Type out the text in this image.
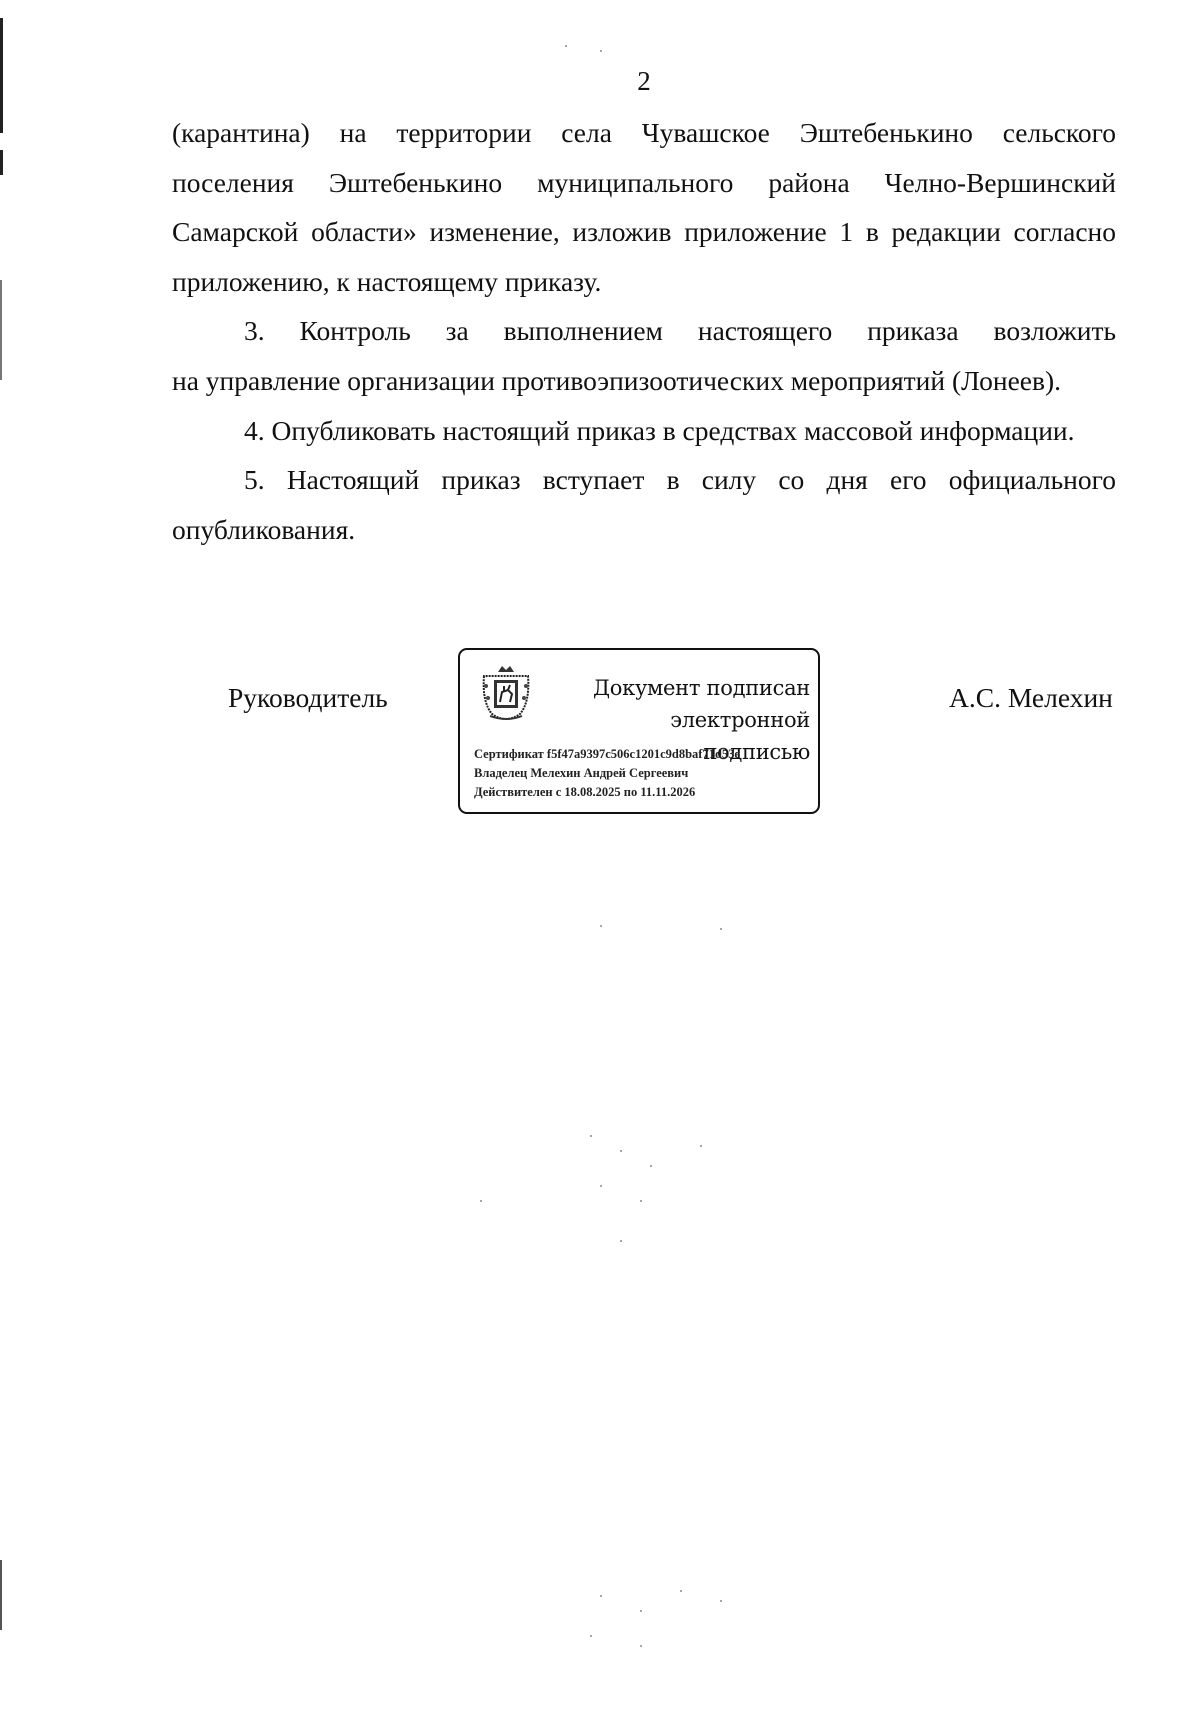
2

(карантина) на территории села Чувашское Эштебенькино сельского
поселения Эштебенькино муниципального района Челно-Вершинский
Самарской области» изменение, изложив приложение 1 в редакции согласно
приложению, к настоящему приказу.

3. Контроль за выполнением настоящего приказа возложить
на управление организации противоэпизоотических мероприятий (Лонеев).

4. Опубликовать настоящий приказ в средствах массовой информации.

5. Настоящий приказ вступает в силу со дня его официального
опубликования.

Руководитель	Документ подписан
электронной подписью
Сертификат f5f47a9397c506c1201c9d8baf71d53e
Владелец Мелехин Андрей Сергеевич
Действителен с 18.08.2025 по 11.11.2026
А.С. Мелехин
